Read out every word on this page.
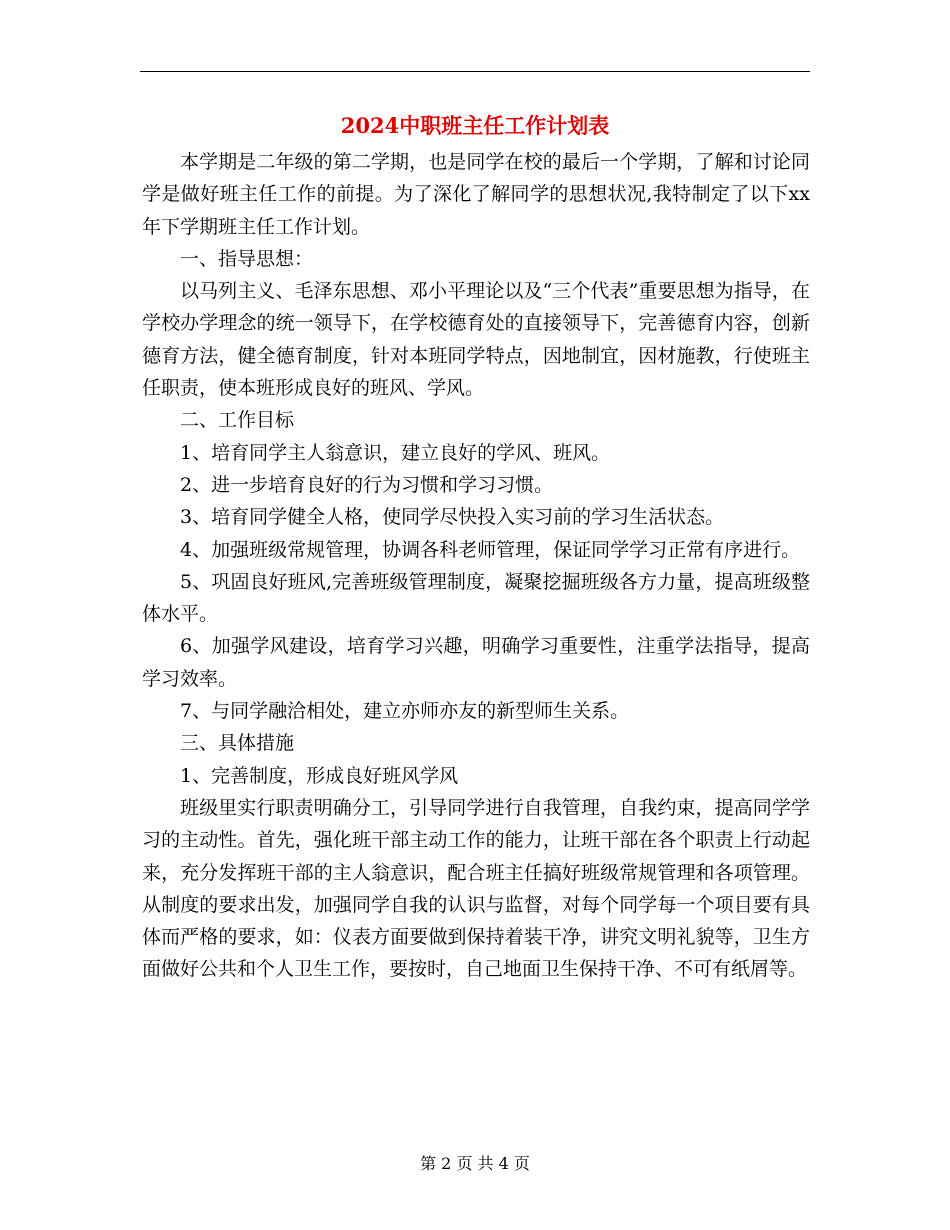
2024中职班主任工作计划表

本学期是二年级的第二学期，也是同学在校的最后一个学期，了解和讨论同学是做好班主任工作的前提。为了深化了解同学的思想状况,我特制定了以下xx年下学期班主任工作计划。

一、指导思想：

以马列主义、毛泽东思想、邓小平理论以及“三个代表”重要思想为指导，在学校办学理念的统一领导下，在学校德育处的直接领导下，完善德育内容，创新德育方法，健全德育制度，针对本班同学特点，因地制宜，因材施教，行使班主任职责，使本班形成良好的班风、学风。

二、工作目标

1、培育同学主人翁意识，建立良好的学风、班风。

2、进一步培育良好的行为习惯和学习习惯。

3、培育同学健全人格，使同学尽快投入实习前的学习生活状态。

4、加强班级常规管理，协调各科老师管理，保证同学学习正常有序进行。

5、巩固良好班风,完善班级管理制度，凝聚挖掘班级各方力量，提高班级整体水平。

6、加强学风建设，培育学习兴趣，明确学习重要性，注重学法指导，提高学习效率。

7、与同学融洽相处，建立亦师亦友的新型师生关系。

三、具体措施

1、完善制度，形成良好班风学风

班级里实行职责明确分工，引导同学进行自我管理，自我约束，提高同学学习的主动性。首先，强化班干部主动工作的能力，让班干部在各个职责上行动起来，充分发挥班干部的主人翁意识，配合班主任搞好班级常规管理和各项管理。从制度的要求出发，加强同学自我的认识与监督，对每个同学每一个项目要有具体而严格的要求，如：仪表方面要做到保持着装干净，讲究文明礼貌等，卫生方面做好公共和个人卫生工作，要按时，自己地面卫生保持干净、不可有纸屑等。

第 2 页 共 4 页
